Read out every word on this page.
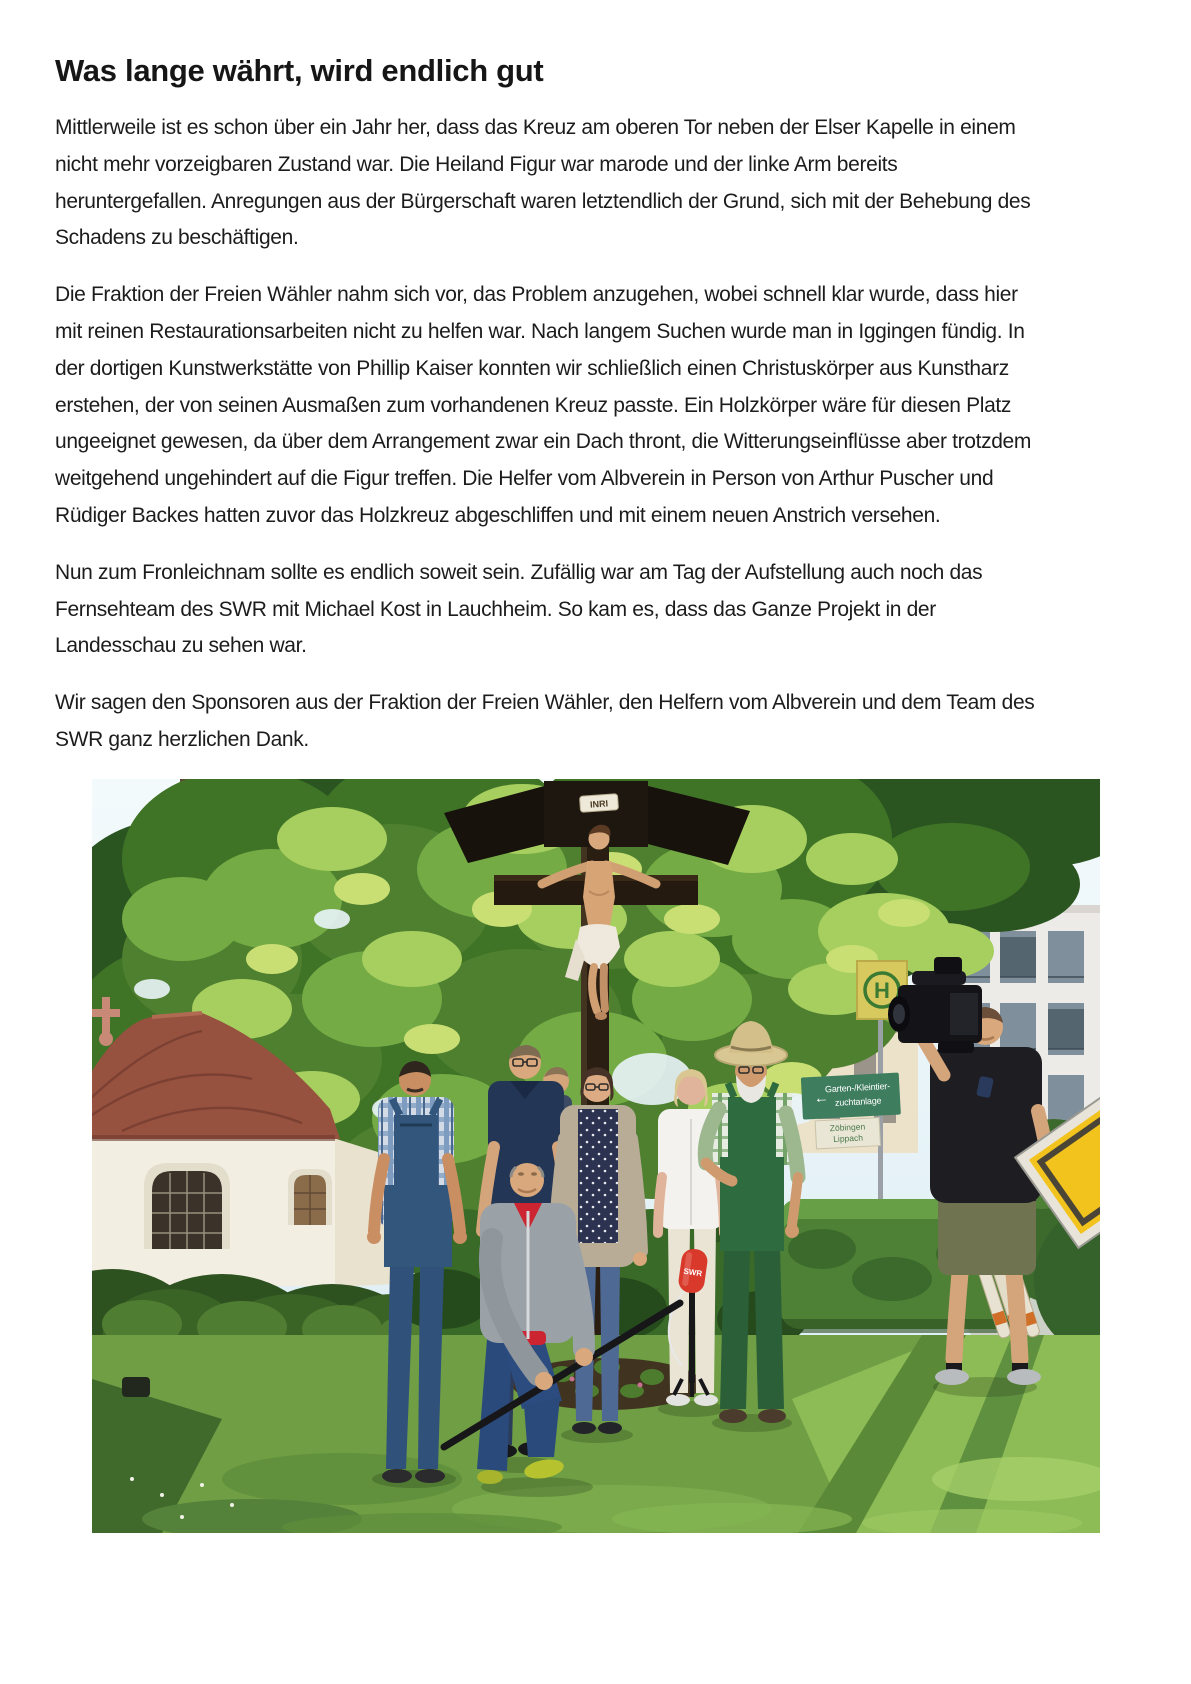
Was lange währt, wird endlich gut

Mittlerweile ist es schon über ein Jahr her, dass das Kreuz am oberen Tor neben der Elser Kapelle in einem nicht mehr vorzeigbaren Zustand war. Die Heiland Figur war marode und der linke Arm bereits heruntergefallen. Anregungen aus der Bürgerschaft waren letztendlich der Grund, sich mit der Behebung des Schadens zu beschäftigen.

Die Fraktion der Freien Wähler nahm sich vor, das Problem anzugehen, wobei schnell klar wurde, dass hier mit reinen Restaurationsarbeiten nicht zu helfen war. Nach langem Suchen wurde man in Iggingen fündig. In der dortigen Kunstwerkstätte von Phillip Kaiser konnten wir schließlich einen Christuskörper aus Kunstharz erstehen, der von seinen Ausmaßen zum vorhandenen Kreuz passte. Ein Holzkörper wäre für diesen Platz ungeeignet gewesen, da über dem Arrangement zwar ein Dach thront, die Witterungseinflüsse aber trotzdem weitgehend ungehindert auf die Figur treffen. Die Helfer vom Albverein in Person von Arthur Puscher und Rüdiger Backes hatten zuvor das Holzkreuz abgeschliffen und mit einem neuen Anstrich versehen.

Nun zum Fronleichnam sollte es endlich soweit sein. Zufällig war am Tag der Aufstellung auch noch das Fernsehteam des SWR mit Michael Kost in Lauchheim. So kam es, dass das Ganze Projekt in der Landesschau zu sehen war.

Wir sagen den Sponsoren aus der Fraktion der Freien Wähler, den Helfern vom Albverein und dem Team des SWR ganz herzlichen Dank.

INRI
H
←
Garten-/Kleintier-
zuchtanlage
Zöbingen
Lippach
SWR
